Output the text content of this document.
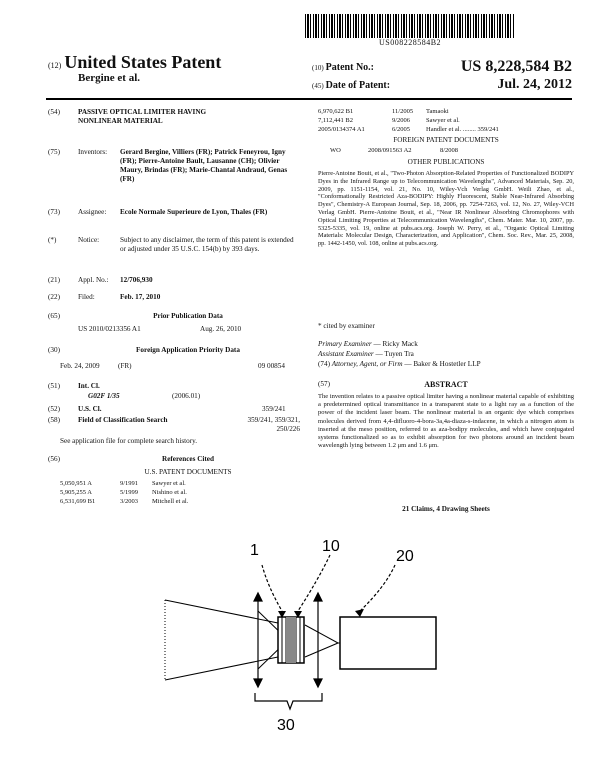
US008228584B2
(12) United States Patent
Bergine et al.
(10) Patent No.:	US 8,228,584 B2
(45) Date of Patent:	Jul. 24, 2012
(54)	PASSIVE OPTICAL LIMITER HAVING NONLINEAR MATERIAL
(75)	Inventors: Gerard Bergine, Villiers (FR); Patrick Feneyrou, Igny (FR); Pierre-Antoine Bault, Lausanne (CH); Olivier Maury, Brindas (FR); Marie-Chantal Andraud, Genas (FR)
(73)	Assignee: Ecole Normale Superieure de Lyon, Thales (FR)
(*)	Notice:	Subject to any disclaimer, the term of this patent is extended or adjusted under 35 U.S.C. 154(b) by 393 days.
(21)	Appl. No.: 12/706,930
(22)	Filed:	Feb. 17, 2010
(65)	Prior Publication Data
US 2010/0213356 A1	Aug. 26, 2010
(30)	Foreign Application Priority Data
Feb. 24, 2009	(FR)	09 00854
(51)	Int. Cl.
G02F 1/35	(2006.01)
(52)	U.S. Cl.	359/241
(58)	Field of Classification Search	359/241, 359/321, 250/226
See application file for complete search history.
(56)	References Cited
U.S. PATENT DOCUMENTS
5,050,951 A	9/1991 Sawyer et al.
5,905,255 A	5/1999 Nishino et al.
6,531,699 B1	3/2003 Mitchell et al.
6,970,622 B1	11/2005 Tamaoki
7,112,441 B2	9/2006 Sawyer et al.
2005/0134374 A1	6/2005 Handler et al. ........ 359/241
FOREIGN PATENT DOCUMENTS
WO	2008/091563 A2	8/2008
OTHER PUBLICATIONS
Pierre-Antoine Bouit, et al., "Two-Photon Absorption-Related Properties of Functionalized BODIPY Dyes in the Infrared Range up to Telecommunication Wavelengths", Advanced Materials, Sep. 20, 2009, pp. 1151-1154, vol. 21, No. 10, Wiley-Vch Verlag GmbH. Weili Zhao, et al., "Conformationally Restricted Aza-BODIPY: Highly Fluorescent, Stable Near-Infrared Absorbing Dyes", Chemistry-A European Journal, Sep. 18, 2006, pp. 7254-7263, vol. 12, No. 27, Wiley-VCH Verlag GmbH. Pierre-Antoine Bouit, et al., "Near IR Nonlinear Absorbing Chromophores with Optical Limiting Properties at Telecommunication Wavelengths", Chem. Mater. Mar. 10, 2007, pp. 5325-5335, vol. 19, online at pubs.acs.org. Joseph W. Perry, et al., "Organic Optical Limiting Materials: Molecular Design, Characterization, and Application", Chem. Soc. Rev., Mar. 25, 2008, pp. 1442-1450, vol. 108, online at pubs.acs.org.
* cited by examiner
Primary Examiner — Ricky Mack
Assistant Examiner — Tuyen Tra
(74) Attorney, Agent, or Firm — Baker & Hostetler LLP
(57)	ABSTRACT
The invention relates to a passive optical limiter having a nonlinear material capable of exhibiting a predetermined optical transmittance in a transparent state to a light ray as a function of the power of the incident laser beam. The nonlinear material is an organic dye which comprises molecules derived from 4,4-difluoro-4-bora-3a,4a-diaza-s-indacene, in which a nitrogen atom is inserted at the meso position, referred to as aza-bodipy molecules, and which have conjugated systems functionalized so as to exhibit absorption for two photons around an incident beam wavelength lying between 1.2 μm and 1.6 μm.
21 Claims, 4 Drawing Sheets
1	10
20
30
